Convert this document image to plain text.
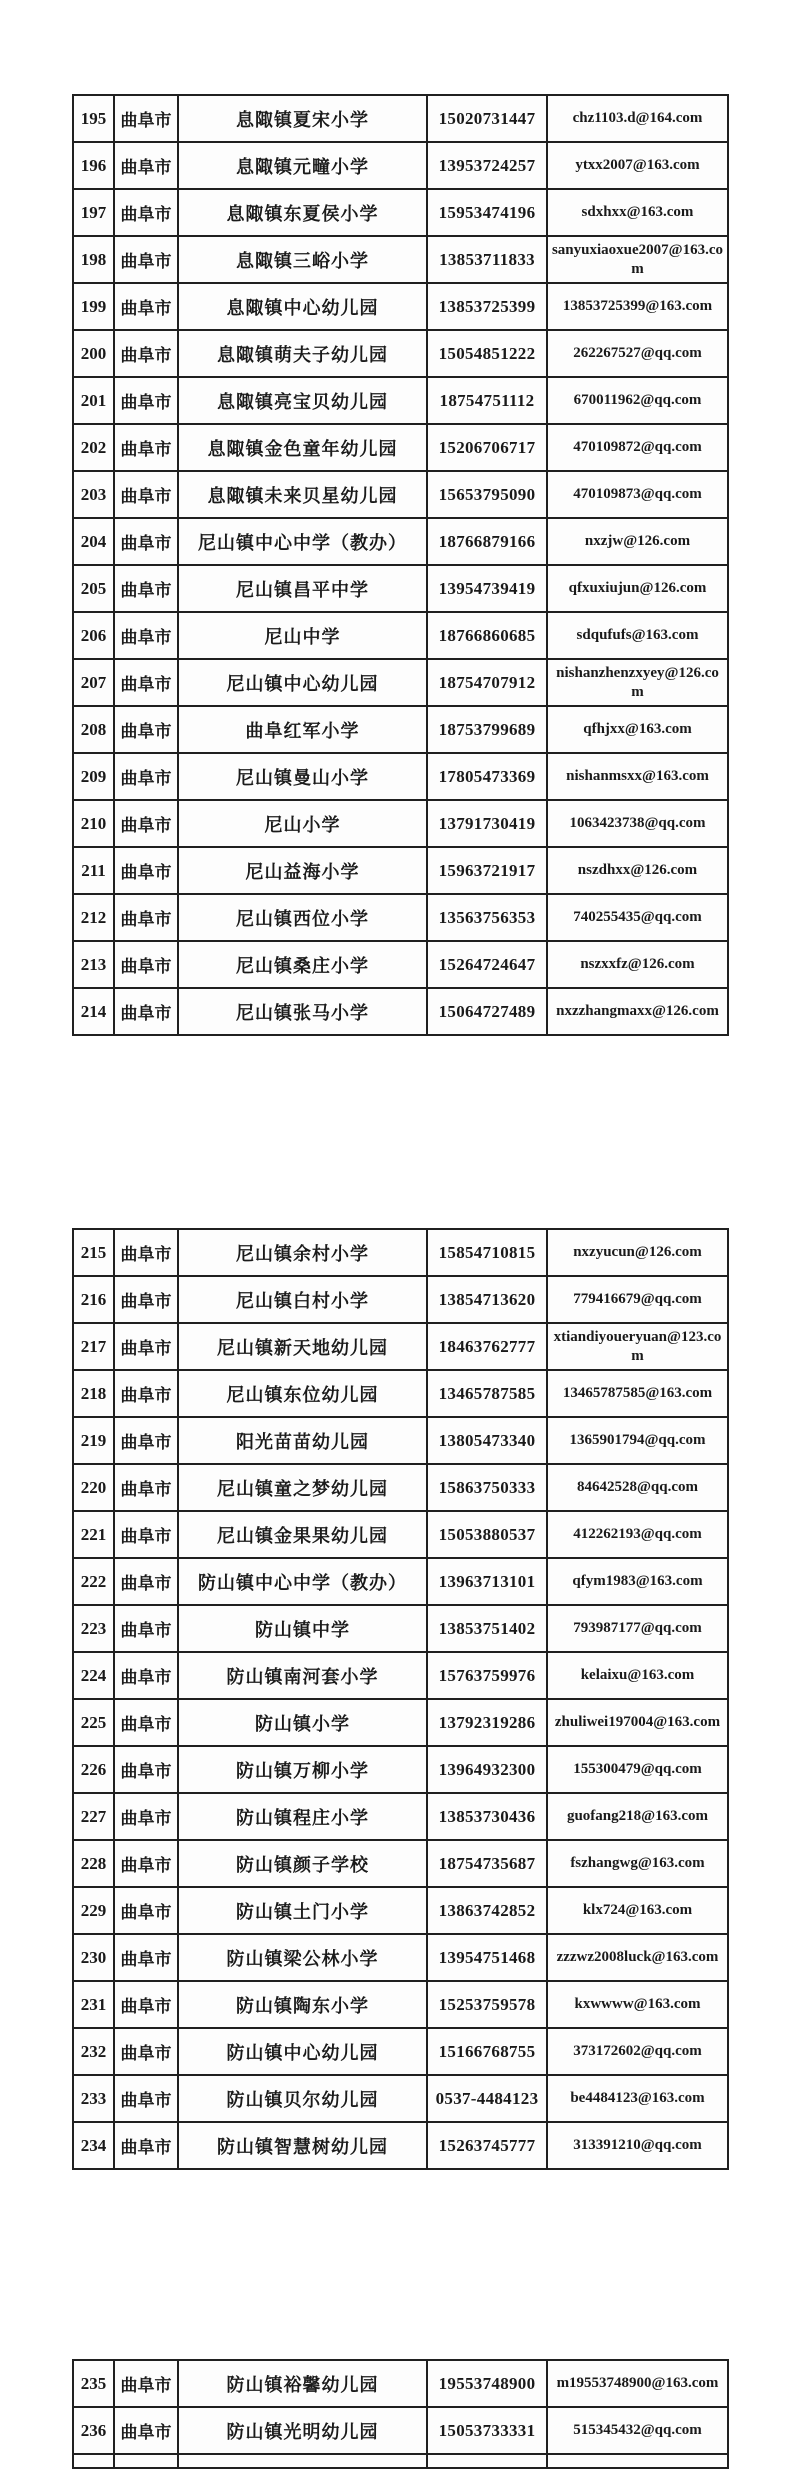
195	曲阜市	息陬镇夏宋小学	15020731447	chz1103.d@164.com
196	曲阜市	息陬镇元疃小学	13953724257	ytxx2007@163.com
197	曲阜市	息陬镇东夏侯小学	15953474196	sdxhxx@163.com
198	曲阜市	息陬镇三峪小学	13853711833	sanyuxiaoxue2007@163.com
199	曲阜市	息陬镇中心幼儿园	13853725399	13853725399@163.com
200	曲阜市	息陬镇萌夫子幼儿园	15054851222	262267527@qq.com
201	曲阜市	息陬镇亮宝贝幼儿园	18754751112	670011962@qq.com
202	曲阜市	息陬镇金色童年幼儿园	15206706717	470109872@qq.com
203	曲阜市	息陬镇未来贝星幼儿园	15653795090	470109873@qq.com
204	曲阜市	尼山镇中心中学（教办）	18766879166	nxzjw@126.com
205	曲阜市	尼山镇昌平中学	13954739419	qfxuxiujun@126.com
206	曲阜市	尼山中学	18766860685	sdqufufs@163.com
207	曲阜市	尼山镇中心幼儿园	18754707912	nishanzhenzxyey@126.com
208	曲阜市	曲阜红军小学	18753799689	qfhjxx@163.com
209	曲阜市	尼山镇曼山小学	17805473369	nishanmsxx@163.com
210	曲阜市	尼山小学	13791730419	1063423738@qq.com
211	曲阜市	尼山益海小学	15963721917	nszdhxx@126.com
212	曲阜市	尼山镇西位小学	13563756353	740255435@qq.com
213	曲阜市	尼山镇桑庄小学	15264724647	nszxxfz@126.com
214	曲阜市	尼山镇张马小学	15064727489	nxzzhangmaxx@126.com
215	曲阜市	尼山镇余村小学	15854710815	nxzyucun@126.com
216	曲阜市	尼山镇白村小学	13854713620	779416679@qq.com
217	曲阜市	尼山镇新天地幼儿园	18463762777	xtiandiyoueryuan@123.com
218	曲阜市	尼山镇东位幼儿园	13465787585	13465787585@163.com
219	曲阜市	阳光苗苗幼儿园	13805473340	1365901794@qq.com
220	曲阜市	尼山镇童之梦幼儿园	15863750333	84642528@qq.com
221	曲阜市	尼山镇金果果幼儿园	15053880537	412262193@qq.com
222	曲阜市	防山镇中心中学（教办）	13963713101	qfym1983@163.com
223	曲阜市	防山镇中学	13853751402	793987177@qq.com
224	曲阜市	防山镇南河套小学	15763759976	kelaixu@163.com
225	曲阜市	防山镇小学	13792319286	zhuliwei197004@163.com
226	曲阜市	防山镇万柳小学	13964932300	155300479@qq.com
227	曲阜市	防山镇程庄小学	13853730436	guofang218@163.com
228	曲阜市	防山镇颜子学校	18754735687	fszhangwg@163.com
229	曲阜市	防山镇土门小学	13863742852	klx724@163.com
230	曲阜市	防山镇梁公林小学	13954751468	zzzwz2008luck@163.com
231	曲阜市	防山镇陶东小学	15253759578	kxwwww@163.com
232	曲阜市	防山镇中心幼儿园	15166768755	373172602@qq.com
233	曲阜市	防山镇贝尔幼儿园	0537-4484123	be4484123@163.com
234	曲阜市	防山镇智慧树幼儿园	15263745777	313391210@qq.com
235	曲阜市	防山镇裕馨幼儿园	19553748900	m19553748900@163.com
236	曲阜市	防山镇光明幼儿园	15053733331	515345432@qq.com
